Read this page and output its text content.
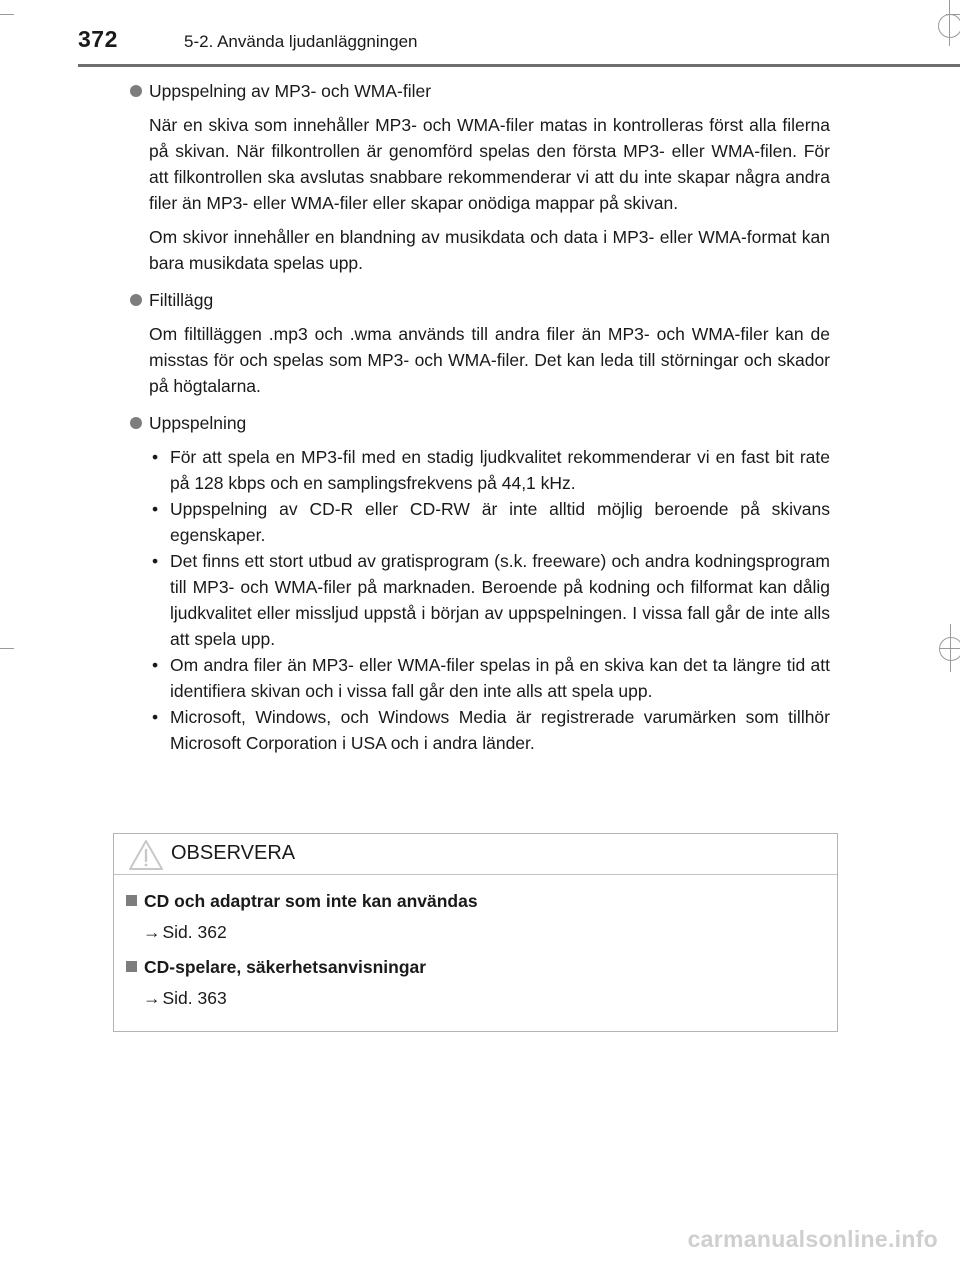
372	5-2. Använda ljudanläggningen
Uppspelning av MP3- och WMA-filer

När en skiva som innehåller MP3- och WMA-filer matas in kontrolleras först alla filerna på skivan. När filkontrollen är genomförd spelas den första MP3- eller WMA-filen. För att filkontrollen ska avslutas snabbare rekommenderar vi att du inte skapar några andra filer än MP3- eller WMA-filer eller skapar onödiga mappar på skivan.

Om skivor innehåller en blandning av musikdata och data i MP3- eller WMA-format kan bara musikdata spelas upp.

Filtillägg

Om filtilläggen .mp3 och .wma används till andra filer än MP3- och WMA-filer kan de misstas för och spelas som MP3- och WMA-filer. Det kan leda till störningar och skador på högtalarna.

Uppspelning
• För att spela en MP3-fil med en stadig ljudkvalitet rekommenderar vi en fast bit rate på 128 kbps och en samplingsfrekvens på 44,1 kHz.
• Uppspelning av CD-R eller CD-RW är inte alltid möjlig beroende på skivans egenskaper.
• Det finns ett stort utbud av gratisprogram (s.k. freeware) och andra kodningsprogram till MP3- och WMA-filer på marknaden. Beroende på kodning och filformat kan dålig ljudkvalitet eller missljud uppstå i början av uppspelningen. I vissa fall går de inte alls att spela upp.
• Om andra filer än MP3- eller WMA-filer spelas in på en skiva kan det ta längre tid att identifiera skivan och i vissa fall går den inte alls att spela upp.
• Microsoft, Windows, och Windows Media är registrerade varumärken som tillhör Microsoft Corporation i USA och i andra länder.
OBSERVERA
CD och adaptrar som inte kan användas
→ Sid. 362
CD-spelare, säkerhetsanvisningar
→ Sid. 363
carmanualsonline.info
